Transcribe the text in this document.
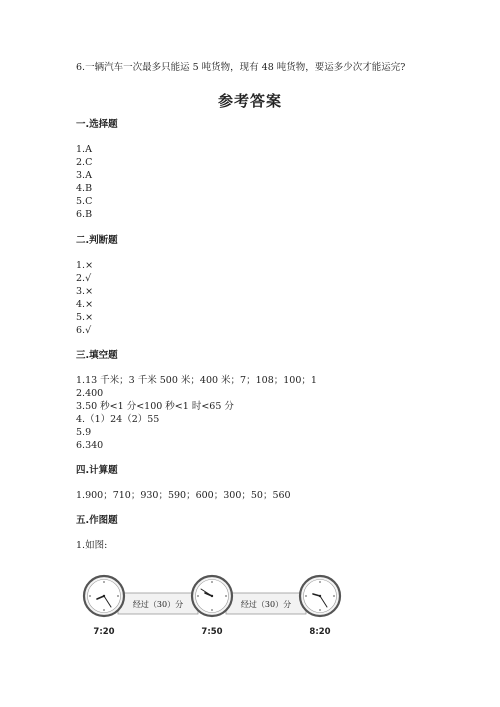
6.一辆汽车一次最多只能运 5 吨货物，现有 48 吨货物，要运多少次才能运完?
参考答案
一.选择题
1.A
2.C
3.A
4.B
5.C
6.B
二.判断题
1.×
2.√
3.×
4.×
5.×
6.√
三.填空题
1.13 千米；3 千米 500 米；400 米；7；108；100；1
2.400
3.50 秒<1 分<100 秒<1 时<65 分
4.（1）24（2）55
5.9
6.340
四.计算题
1.900；710；930；590；600；300；50；560
五.作图题
1.如图:
经过（30）分	经过（30）分
7:20	7:50	8:20
